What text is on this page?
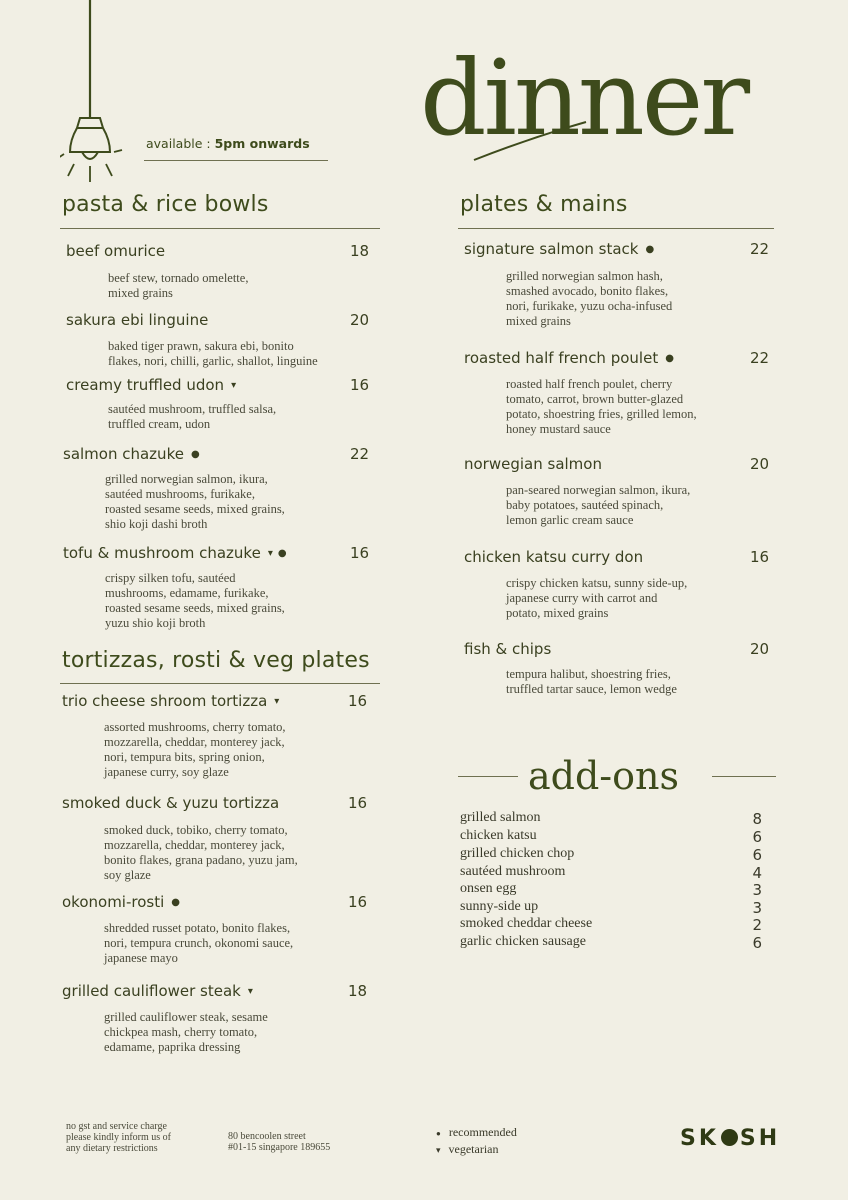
available : 5pm onwards dinner
pasta & rice bowls
beef omurice	18
beef stew, tornado omelette,
mixed grains
sakura ebi linguine	20
baked tiger prawn, sakura ebi, bonito
flakes, nori, chilli, garlic, shallot, linguine
creamy truffled udon ▾	16
sautéed mushroom, truffled salsa,
truffled cream, udon
salmon chazuke ●	22
grilled norwegian salmon, ikura,
sautéed mushrooms, furikake,
roasted sesame seeds, mixed grains,
shio koji dashi broth
tofu & mushroom chazuke ▾ ●	16
crispy silken tofu, sautéed
mushrooms, edamame, furikake,
roasted sesame seeds, mixed grains,
yuzu shio koji broth
tortizzas, rosti & veg plates
trio cheese shroom tortizza ▾	16
assorted mushrooms, cherry tomato,
mozzarella, cheddar, monterey jack,
nori, tempura bits, spring onion,
japanese curry, soy glaze
smoked duck & yuzu tortizza	16
smoked duck, tobiko, cherry tomato,
mozzarella, cheddar, monterey jack,
bonito flakes, grana padano, yuzu jam,
soy glaze
okonomi-rosti ●	16
shredded russet potato, bonito flakes,
nori, tempura crunch, okonomi sauce,
japanese mayo
grilled cauliflower steak ▾	18
grilled cauliflower steak, sesame
chickpea mash, cherry tomato,
edamame, paprika dressing
plates & mains
signature salmon stack ●	22
grilled norwegian salmon hash,
smashed avocado, bonito flakes,
nori, furikake, yuzu ocha-infused
mixed grains
roasted half french poulet ●	22
roasted half french poulet, cherry
tomato, carrot, brown butter-glazed
potato, shoestring fries, grilled lemon,
honey mustard sauce
norwegian salmon	20
pan-seared norwegian salmon, ikura,
baby potatoes, sautéed spinach,
lemon garlic cream sauce
chicken katsu curry don	16
crispy chicken katsu, sunny side-up,
japanese curry with carrot and
potato, mixed grains
fish & chips	20
tempura halibut, shoestring fries,
truffled tartar sauce, lemon wedge
add-ons
grilled salmon	8
chicken katsu	6
grilled chicken chop	6
sautéed mushroom	4
onsen egg	3
sunny-side up	3
smoked cheddar cheese	2
garlic chicken sausage	6
no gst and service charge
please kindly inform us of
any dietary restrictions
80 bencoolen street
#01-15 singapore 189655
● recommended
▾ vegetarian	SK SH
